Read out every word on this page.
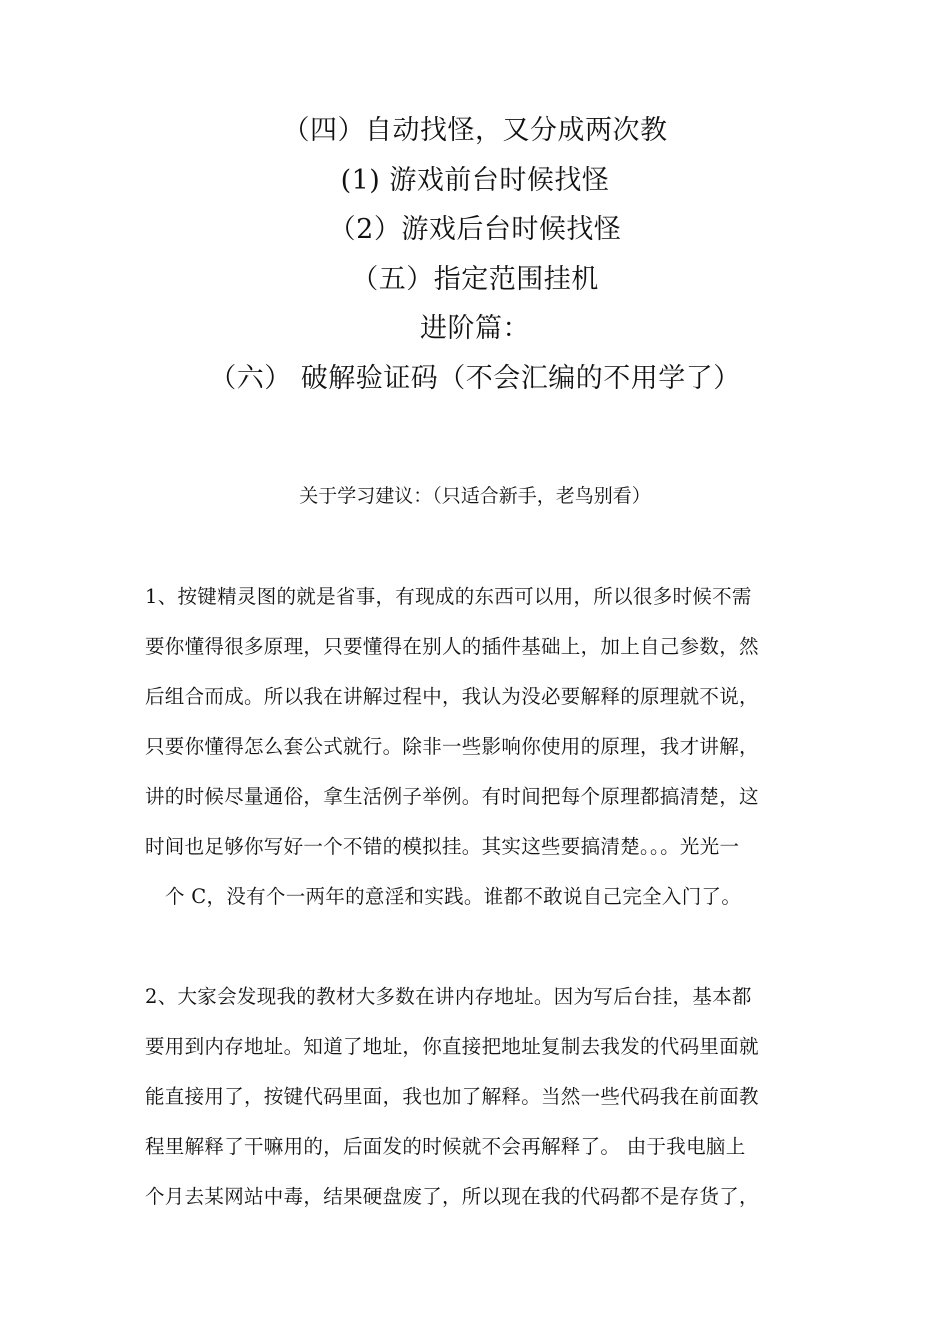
（四）自动找怪，又分成两次教
(1) 游戏前台时候找怪
（2）游戏后台时候找怪
（五）指定范围挂机
进阶篇：
（六） 破解验证码（不会汇编的不用学了）
关于学习建议：（只适合新手，老鸟别看）
1、按键精灵图的就是省事，有现成的东西可以用，所以很多时候不需
要你懂得很多原理，只要懂得在别人的插件基础上，加上自己参数，然
后组合而成。所以我在讲解过程中，我认为没必要解释的原理就不说，
只要你懂得怎么套公式就行。除非一些影响你使用的原理，我才讲解，
讲的时候尽量通俗，拿生活例子举例。有时间把每个原理都搞清楚，这
时间也足够你写好一个不错的模拟挂。其实这些要搞清楚。。。光光一
个 C，没有个一两年的意淫和实践。谁都不敢说自己完全入门了。
2、大家会发现我的教材大多数在讲内存地址。因为写后台挂，基本都
要用到内存地址。知道了地址，你直接把地址复制去我发的代码里面就
能直接用了，按键代码里面，我也加了解释。当然一些代码我在前面教
程里解释了干嘛用的，后面发的时候就不会再解释了。 由于我电脑上
个月去某网站中毒，结果硬盘废了，所以现在我的代码都不是存货了，
